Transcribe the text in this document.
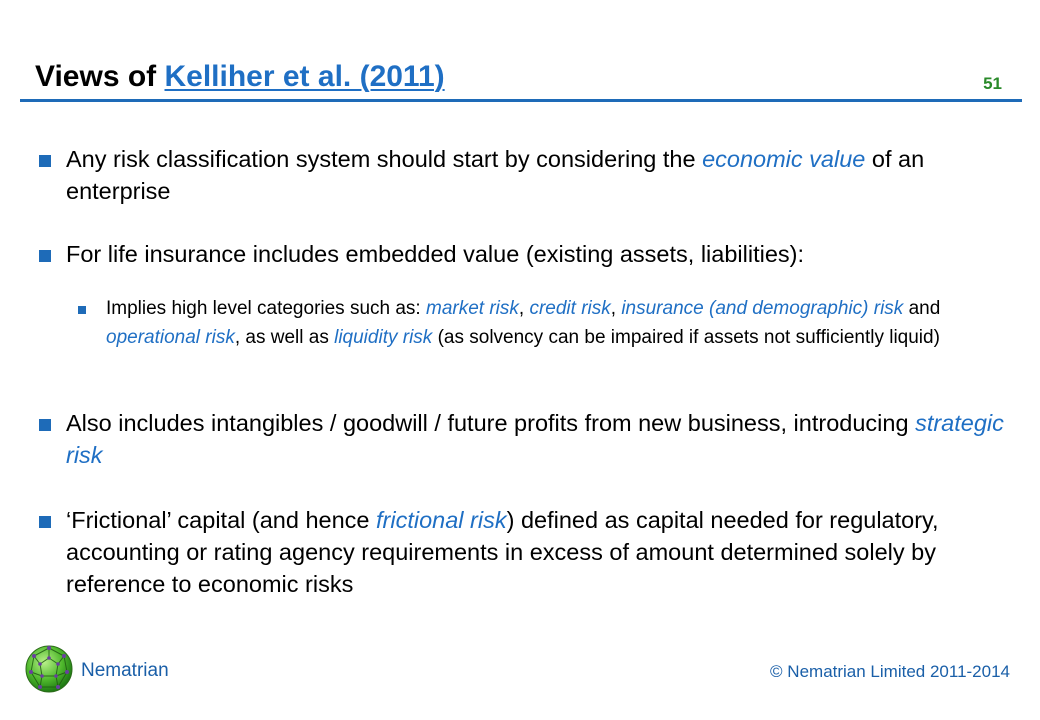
Views of Kelliher et al. (2011)	51
Any risk classification system should start by considering the economic value of an enterprise
For life insurance includes embedded value (existing assets, liabilities):
Implies high level categories such as: market risk, credit risk, insurance (and demographic) risk and operational risk, as well as liquidity risk (as solvency can be impaired if assets not sufficiently liquid)
Also includes intangibles / goodwill / future profits from new business, introducing strategic risk
‘Frictional’ capital (and hence frictional risk) defined as capital needed for regulatory, accounting or rating agency requirements in excess of amount determined solely by reference to economic risks
Nematrian	© Nematrian Limited 2011-2014
